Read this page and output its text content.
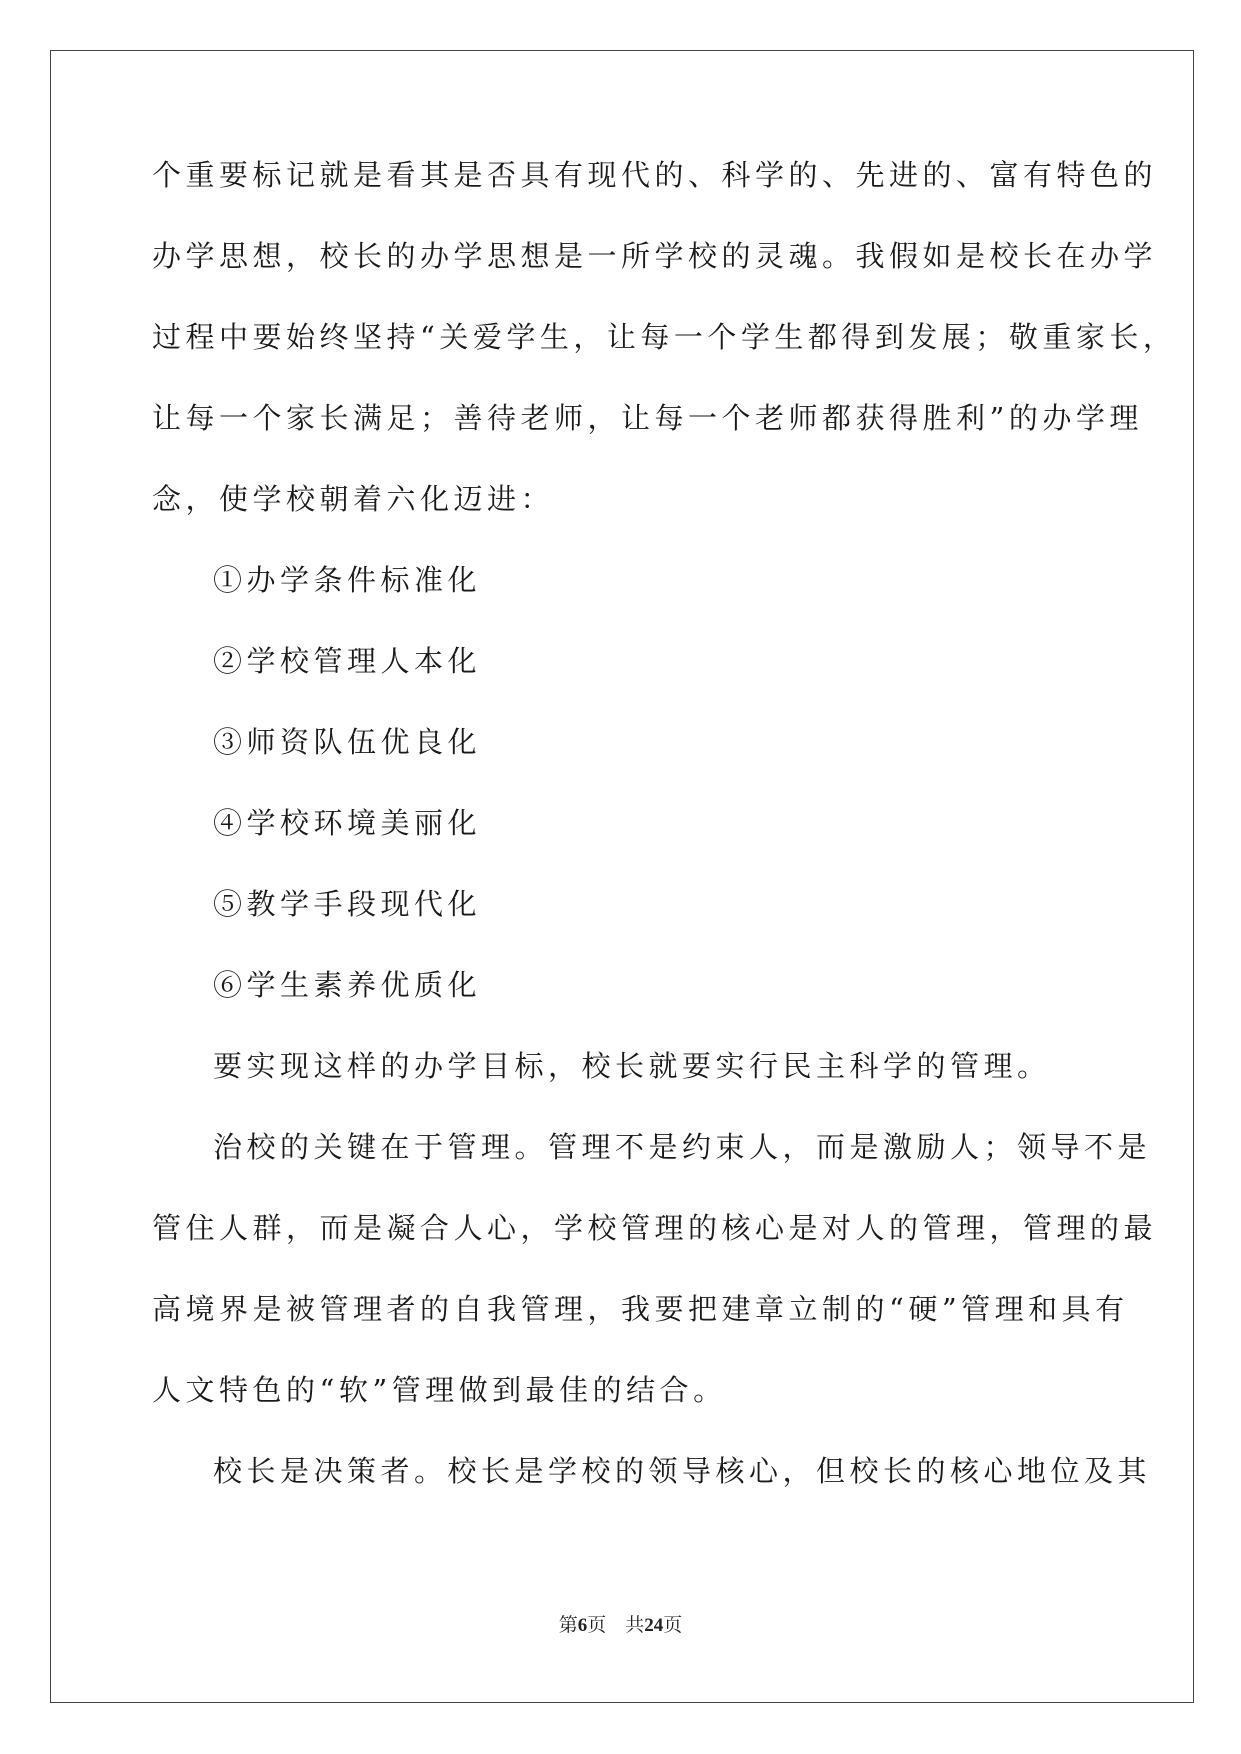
个重要标记就是看其是否具有现代的、科学的、先进的、富有特色的
办学思想，校长的办学思想是一所学校的灵魂。我假如是校长在办学
过程中要始终坚持“关爱学生，让每一个学生都得到发展；敬重家长，
让每一个家长满足；善待老师，让每一个老师都获得胜利”的办学理
念，使学校朝着六化迈进：
①办学条件标准化
②学校管理人本化
③师资队伍优良化
④学校环境美丽化
⑤教学手段现代化
⑥学生素养优质化
要实现这样的办学目标，校长就要实行民主科学的管理。
治校的关键在于管理。管理不是约束人，而是激励人；领导不是
管住人群，而是凝合人心，学校管理的核心是对人的管理，管理的最
高境界是被管理者的自我管理，我要把建章立制的“硬”管理和具有
人文特色的“软”管理做到最佳的结合。
校长是决策者。校长是学校的领导核心，但校长的核心地位及其
第6页 共24页
